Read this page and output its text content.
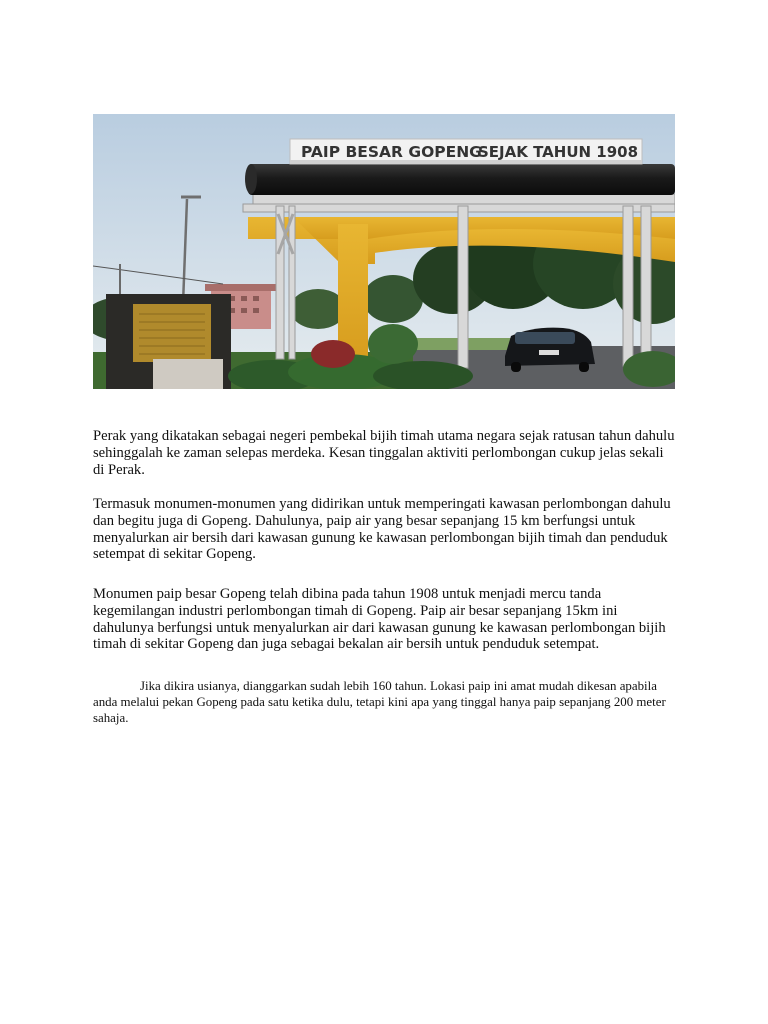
PAIP BESAR GOPENG
SEJAK TAHUN 1908

Perak yang dikatakan sebagai negeri pembekal bijih timah utama negara sejak ratusan tahun dahulu sehinggalah ke zaman selepas merdeka. Kesan tinggalan aktiviti perlombongan cukup jelas sekali di Perak.

Termasuk monumen-monumen yang didirikan untuk memperingati kawasan perlombongan dahulu dan begitu juga di Gopeng. Dahulunya, paip air yang besar sepanjang 15 km berfungsi untuk menyalurkan air bersih dari kawasan gunung ke kawasan perlombongan bijih timah dan penduduk setempat di sekitar Gopeng.

Monumen paip besar Gopeng telah dibina pada tahun 1908 untuk menjadi mercu tanda kegemilangan industri perlombongan timah di Gopeng. Paip air besar sepanjang 15km ini dahulunya berfungsi untuk menyalurkan air dari kawasan gunung ke kawasan perlombongan bijih timah di sekitar Gopeng dan juga sebagai bekalan air bersih untuk penduduk setempat.

Jika dikira usianya, dianggarkan sudah lebih 160 tahun. Lokasi paip ini amat mudah dikesan apabila anda melalui pekan Gopeng pada satu ketika dulu, tetapi kini apa yang tinggal hanya paip sepanjang 200 meter sahaja.
